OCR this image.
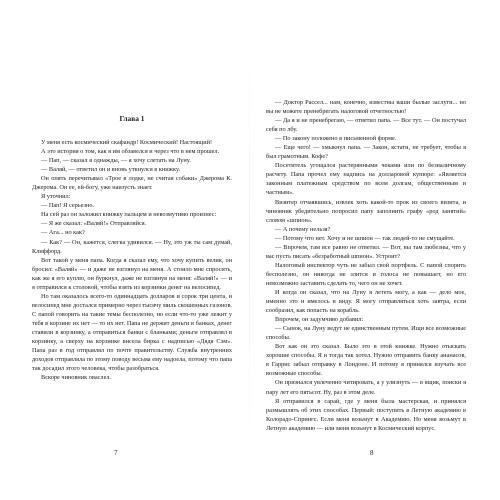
Глава 1

У меня есть космический скафандр! Космический! Настоящий!

А это история о том, как я им обзавелся и через что в нем прошел.

— Пап, — сказал я однажды, — я хочу слетать на Луну.

— Валяй, — ответил он и вновь уткнулся в книжку.

Он опять перечитывал «Трое в лодке, не считая собаки» Джерома К. Джерома. Он ее, ей-богу, уже наизусть знает.

Я уточнил:

— Пап! Я серьезно.

На сей раз он заложил книжку пальцем и невозмутимо произнес:

— Я же сказал: «Валяй!» Отправляйся.

— Ага... но как?

— Как? — Он, кажется, слегка удивился. — Ну, это уж ты сам думай, Клиффорд.

Вот такой у меня папа. Когда я сказал ему, что хочу купить велик, он бросил: «Валяй» — и даже не взглянул на меня. А стоило мне спросить, как же я его куплю, он буркнул, даже не взглянув на меня: «Валяй!» — и я отправился к столовой, чтобы взять из корзинки денег на велосипед.

Но там оказалось всего-то одиннадцать долларов и сорок три цента, и велосипед мне достался примерно через тысячу миль скошенных газонов. С папой говорить на такие темы бесполезно, но если что-то уже лежит у тебя в корзине их нет — то их нет. Папа не держит деньги в банках, денег ставили в корзинку, а отправиться банки с бланками; деньги отправлял в корзинку, а сверху на корзинке висела бирка с надписью «Дядя Сэм». Папа раз в год отправлял по почте правительству. Служба внутренних доходов отправляла по этому поводу весьма ему надоела, потому что папа так досадил этого человека, чтобы разобраться.

Вскоре чиновник оваслел.

7

— Доктор Рассел... нам, конечно, известны ваши былые заслуги... но вы не можете пренебрегать налоговой отчетностью!

— Да я и не пренебрегаю, — ответил папа. — Все тут. — Он постучал себя по лбу.

— По закону положено в письменной форме.

— Еще чего! — хмыкнул папа. — Закон, кстати, не требует, чтобы я был грамотным. Кофе?

Посетитель угощался растерянными чеками или по безналичному расчету. Папа прочел ему надпись на долларовой купюре: «Является законным платежным средством по всем долгам, общественным и частным».

Визитер отчаявшись, извлек хоть какой-то прок из своего визита, и чиновник убедительно попросил папу заполнить графу «род занятий» словом «шпион».

— А почему нельзя?

— Потому что нет. Хочу и не шпион — так людей-то не смущайте.

— Впрочем, там все равно не ответил. — Вот, вы там любезны, что у вас пусть писать «безработный шпион». Устроит?

Налоговый инспектор чуть не забыл свой портфель. С папой спорить бесполезно, он никогда не злится и голоса не повышает, но его невозможно заставить сделать то, чего он не хочет.

И когда он сказал, что на Луну я лететь могу, а как — дело мое, именно это и имелось в виду. Я могу отправляться хоть завтра, если сообразил, как попасть на корабль.

Впрочем, он задумчиво добавил:

— Сынок, на Луну ведут не единственным путем. Ищи все возможные способы.

Вот как он это сказал. Было это в этой книжке. Нужно отыскать хорошие способы. Я и тогда так хотел. Нужно отправить банку ананасов, в Гаррис забыл отправку в Лондоне. И потому я принялся изучать все возможные способы.

Он признался увлеченно читировать, а у улизнуть — в ящик, поиски я пару лет его пятьсот. Ну, раз в этом деле.

Я отправился в сарай, где у меня была мастерская, и принялся размышлять об этих способах. Первый: поступить в Летную академию в Колорадо-Спрингс. Если меня возьмут в Академию. Но меня возьмут в Летную академию — или меня возьмут в Космический корпус.

8
